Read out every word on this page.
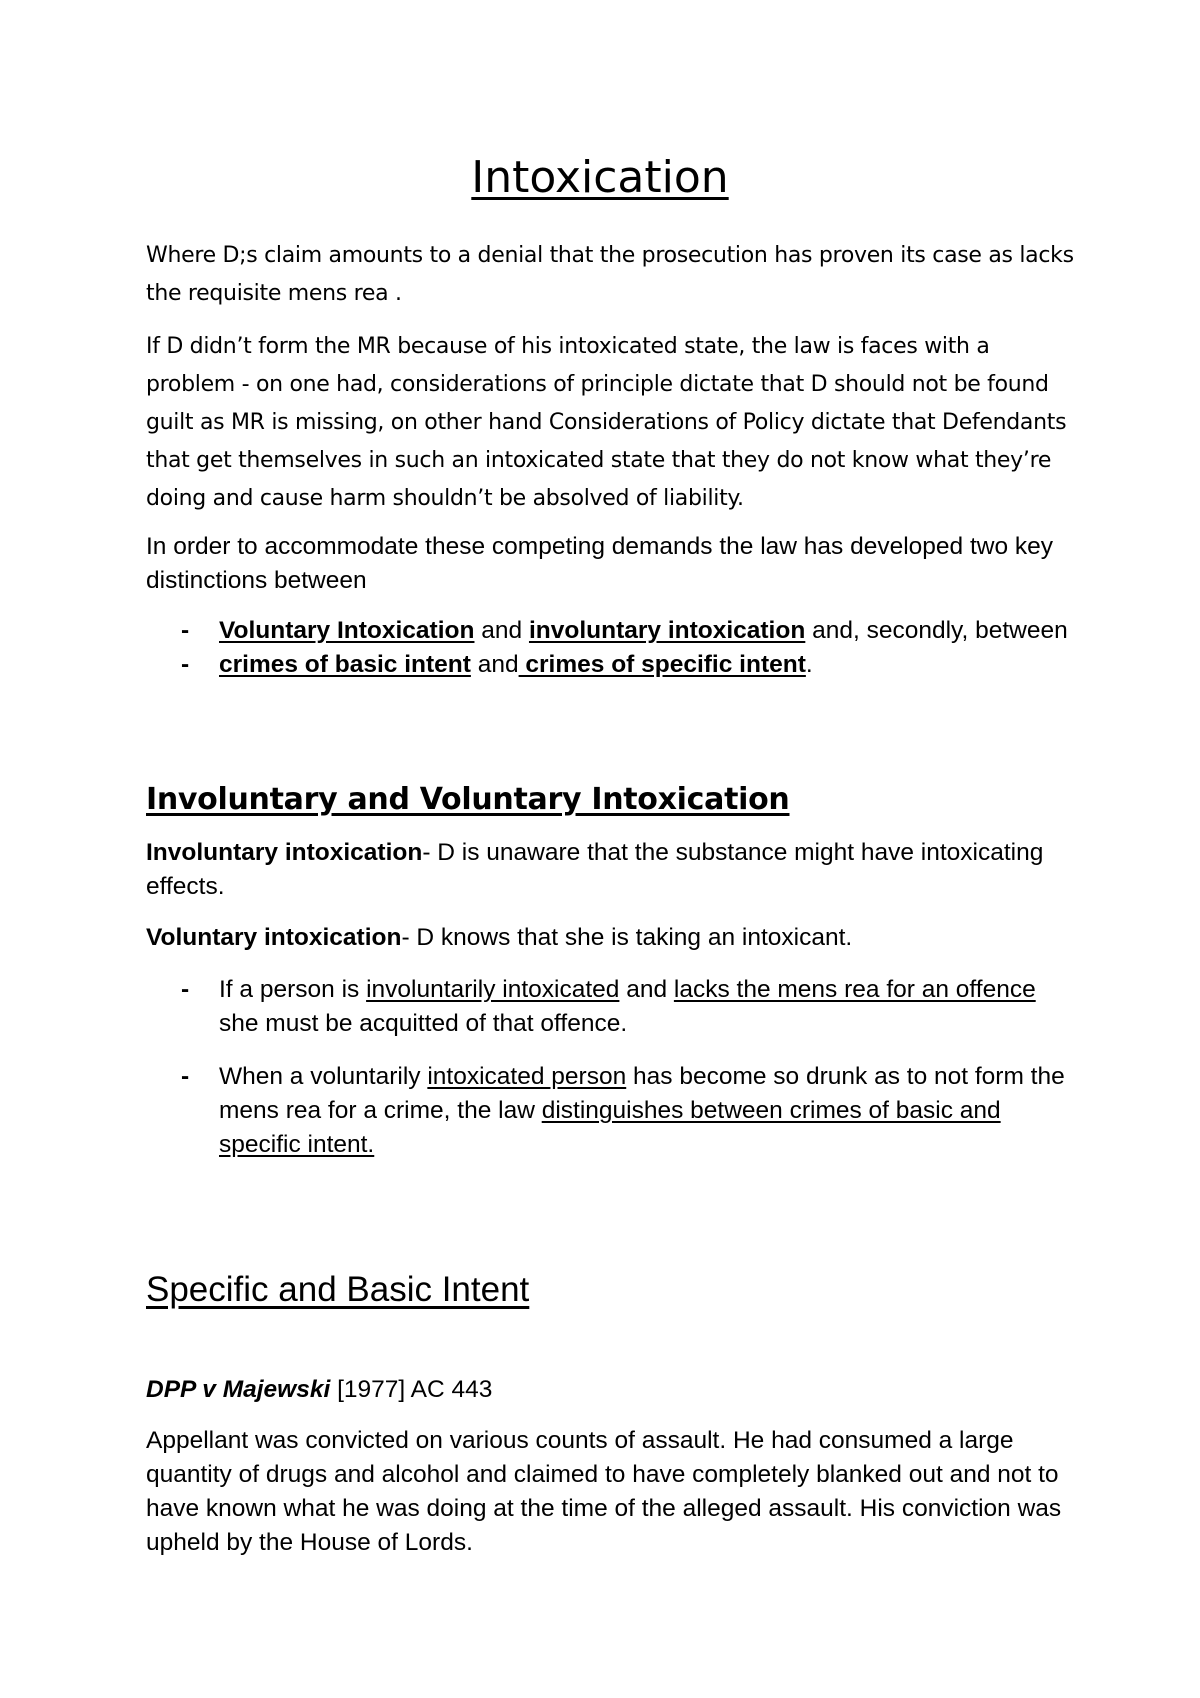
Intoxication

Where D;s claim amounts to a denial that the prosecution has proven its case as lacks the requisite mens rea .

If D didn’t form the MR because of his intoxicated state, the law is faces with a problem - on one had, considerations of principle dictate that D should not be found guilt as MR is missing, on other hand Considerations of Policy dictate that Defendants that get themselves in such an intoxicated state that they do not know what they’re doing and cause harm shouldn’t be absolved of liability.

In order to accommodate these competing demands the law has developed two key distinctions between

- Voluntary Intoxication and involuntary intoxication and, secondly, between
- crimes of basic intent and crimes of specific intent.
Involuntary and Voluntary Intoxication

Involuntary intoxication- D is unaware that the substance might have intoxicating effects.

Voluntary intoxication- D knows that she is taking an intoxicant.

- If a person is involuntarily intoxicated and lacks the mens rea for an offence she must be acquitted of that offence.
- When a voluntarily intoxicated person has become so drunk as to not form the mens rea for a crime, the law distinguishes between crimes of basic and specific intent.
Specific and Basic Intent

DPP v Majewski [1977] AC 443

Appellant was convicted on various counts of assault. He had consumed a large quantity of drugs and alcohol and claimed to have completely blanked out and not to have known what he was doing at the time of the alleged assault. His conviction was upheld by the House of Lords.
